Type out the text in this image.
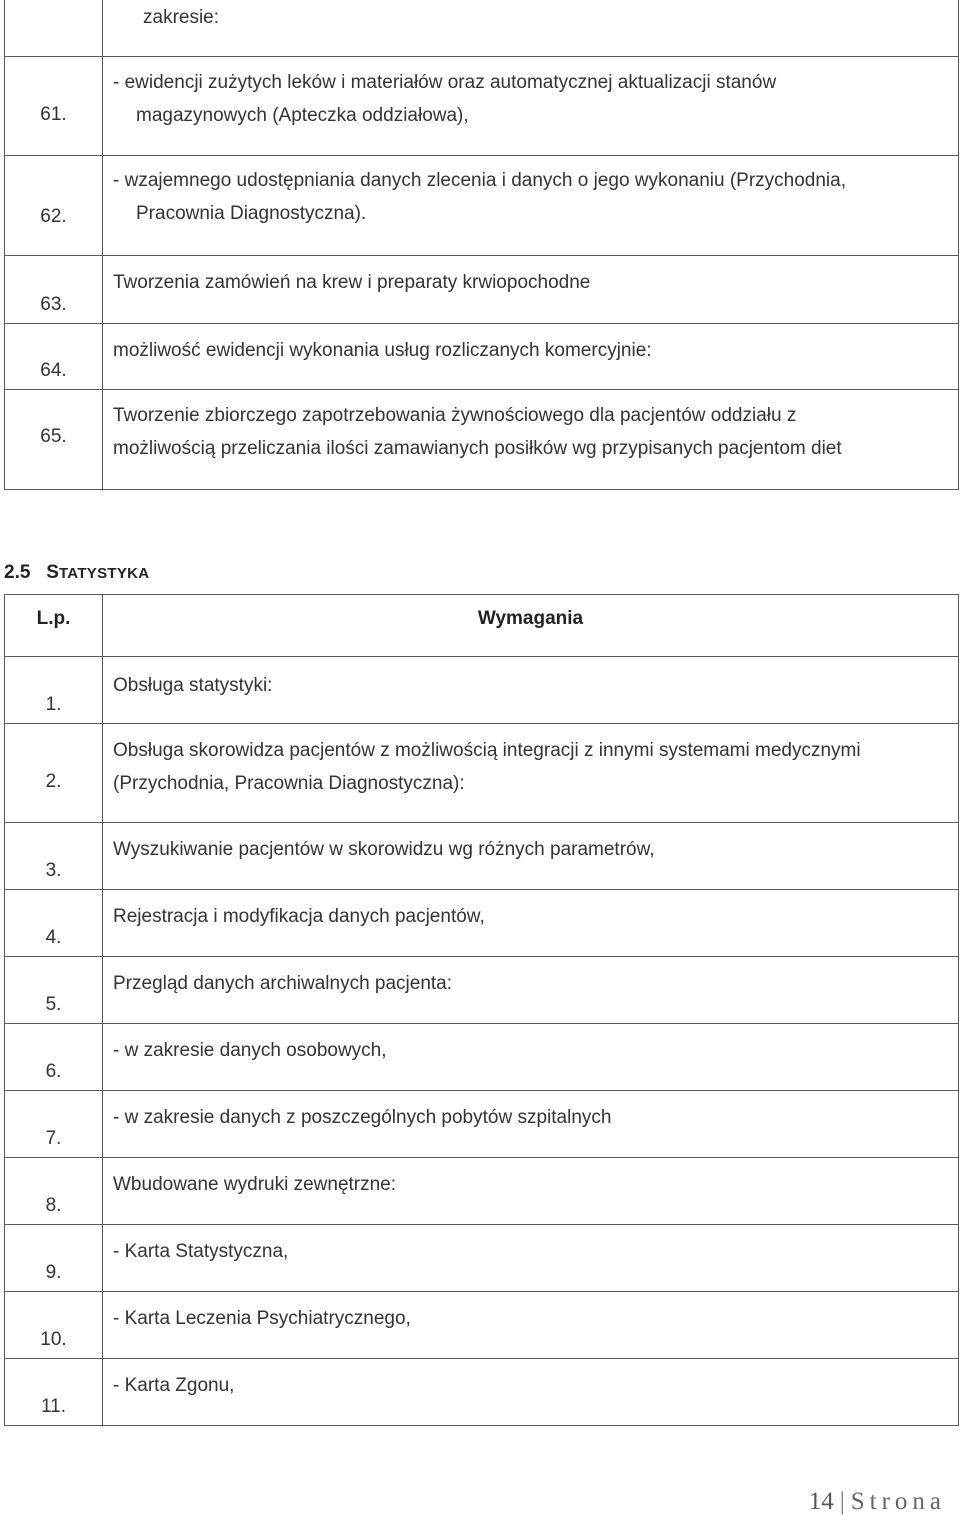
	zakresie:
61.	- ewidencji zużytych leków i materiałów oraz automatycznej aktualizacji stanów
magazynowych (Apteczka oddziałowa),

62.	- wzajemnego udostępniania danych zlecenia i danych o jego wykonaniu (Przychodnia,
Pracownia Diagnostyczna).

63.	Tworzenia zamówień na krew i preparaty krwiopochodne
64.	możliwość ewidencji wykonania usług rozliczanych komercyjnie:
65.	Tworzenie zbiorczego zapotrzebowania żywnościowego dla pacjentów oddziału z
możliwością przeliczania ilości zamawianych posiłków wg przypisanych pacjentom diet
2.5 STATYSTYKA
L.p.	Wymagania
1.	Obsługa statystyki:
2.	Obsługa skorowidza pacjentów z możliwością integracji z innymi systemami medycznymi
(Przychodnia, Pracownia Diagnostyczna):
3.	Wyszukiwanie pacjentów w skorowidzu wg różnych parametrów,
4.	Rejestracja i modyfikacja danych pacjentów,
5.	Przegląd danych archiwalnych pacjenta:
6.	- w zakresie danych osobowych,
7.	- w zakresie danych z poszczególnych pobytów szpitalnych
8.	Wbudowane wydruki zewnętrzne:
9.	- Karta Statystyczna,
10.	- Karta Leczenia Psychiatrycznego,
11.	- Karta Zgonu,
14 | Strona
